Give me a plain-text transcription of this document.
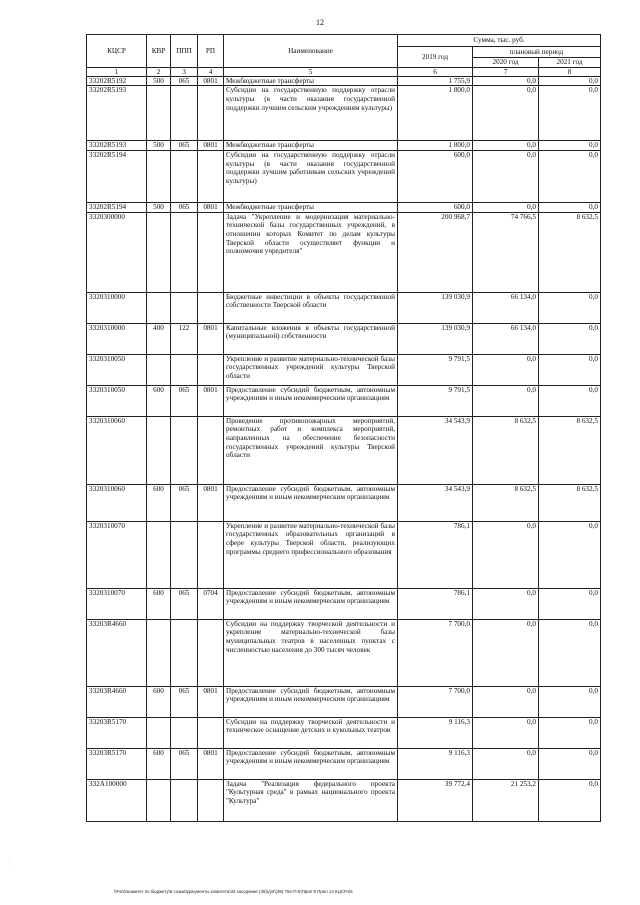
12
КЦСР	КВР	ППП	РП	Наименование	Сумма, тыс. руб.		
					2019 год	плановый период	
						2020 год	2021 год
1	2	3	4	5	6	7	8
33202R5192	500	065	0801	Межбюджетные трансферты	1 755,9	0,0	0,0
33202R5193				Субсидии на государственную поддержку отрасли культуры (в части оказания государственной поддержки лучшим сельским учреждениям культуры)	1 800,0	0,0	0,0
33202R5193	500	065	0801	Межбюджетные трансферты	1 800,0	0,0	0,0
33202R5194				Субсидии на государственную поддержку отрасли культуры (в части оказания государственной поддержки лучшим работникам сельских учреждений культуры)	600,0	0,0	0,0
33202R5194	500	065	0801	Межбюджетные трансферты	600,0	0,0	0,0
3320300000				Задача "Укрепление и модернизация материально-технической базы государственных учреждений, в отношении которых Комитет по делам культуры Тверской области осуществляет функции и полномочия учредителя"	200 968,7	74 766,5	8 632,5
3320310000				Бюджетные инвестиции в объекты государственной собственности Тверской области	139 030,9	66 134,0	0,0
3320310000	400	122	0801	Капитальные вложения в объекты государственной (муниципальной) собственности	139 030,9	66 134,0	0,0
3320310050				Укрепление и развитие материально-технической базы государственных учреждений культуры Тверской области	9 791,5	0,0	0,0
3320310050	600	065	0801	Предоставление субсидий бюджетным, автономным учреждениям и иным некоммерческим организациям	9 791,5	0,0	0,0
3320310060				Проведение противопожарных мероприятий, ремонтных работ и комплекса мероприятий, направленных на обеспечение безопасности государственных учреждений культуры Тверской области	34 543,9	8 632,5	8 632,5
3320310060	600	065	0801	Предоставление субсидий бюджетным, автономным учреждениям и иным некоммерческим организациям	34 543,9	8 632,5	8 632,5
3320310070				Укрепление и развитие материально-технической базы государственных образовательных организаций в сфере культуры Тверской области, реализующих программы среднего профессионального образования	786,1	0,0	0,0
3320310070	600	065	0704	Предоставление субсидий бюджетным, автономным учреждениям и иным некоммерческим организациям	786,1	0,0	0,0
33203R4660				Субсидии на поддержку творческой деятельности и укрепление материально-технической базы муниципальных театров в населенных пунктах с численностью населения до 300 тысяч человек	7 700,0	0,0	0,0
33203R4660	600	065	0801	Предоставление субсидий бюджетным, автономным учреждениям и иным некоммерческим организациям	7 700,0	0,0	0,0
33203R5170				Субсидии на поддержку творческой деятельности и техническое оснащение детских и кукольных театров	9 116,3	0,0	0,0
33203R5170	600	065	0801	Предоставление субсидий бюджетным, автономным учреждениям и иным некоммерческим организациям	9 116,3	0,0	0,0
332A100000				Задача "Реализация федерального проекта "Культурная среда" в рамках национального проекта "Культура"	39 772,4	21 253,2	0,0
\\Fs01\комитет по бюджету\6 созыв\Документы комитета\33 заседание (45)\д\п\(39) 784-П-6\Прил 9 Прил 14 КЦСР.xls
· · ·
